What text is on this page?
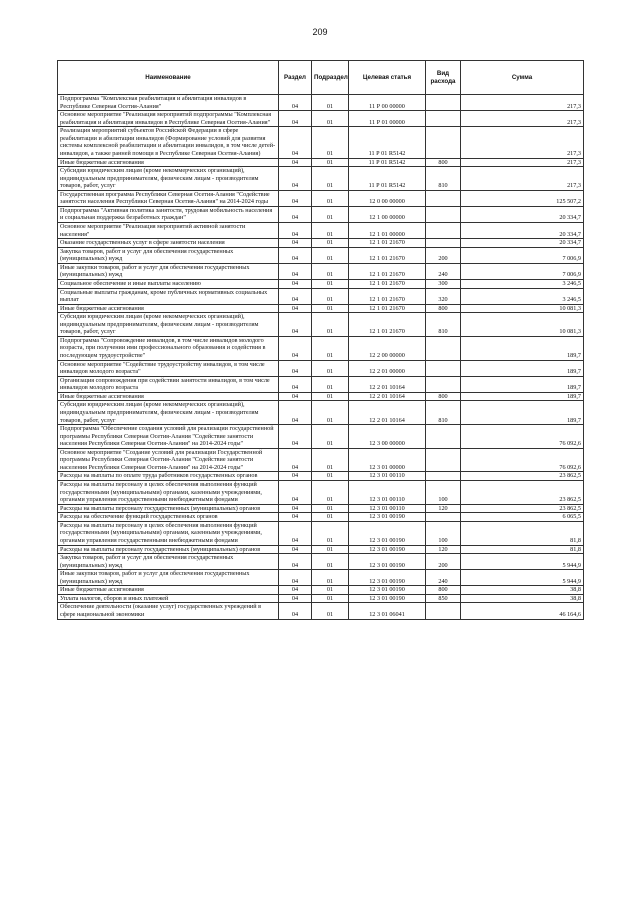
209
Наименование	Раздел	Подраздел	Целевая статья	Вид расхода	Сумма
Подпрограмма "Комплексная реабилитация и абилитация инвалидов в Республике Северная Осетия-Алания"	04	01	11 Р 00 00000		217,3
Основное мероприятие "Реализация мероприятий подпрограммы "Комплексная реабилитация и абилитация инвалидов в Республике Северная Осетия-Алания"	04	01	11 Р 01 00000		217,3
Реализация мероприятий субъектов Российской Федерации в сфере реабилитации и абилитации инвалидов (Формирование условий для развития системы комплексной реабилитации и абилитации инвалидов, в том числе детей-инвалидов, а также ранней помощи в Республике Северная Осетия-Алания)	04	01	11 Р 01 R5142		217,3
Иные бюджетные ассигнования	04	01	11 Р 01 R5142	800	217,3
Субсидии юридическим лицам (кроме некоммерческих организаций), индивидуальным предпринимателям, физическим лицам - производителям товаров, работ, услуг	04	01	11 Р 01 R5142	810	217,3
Государственная программа Республики Северная Осетия-Алания "Содействие занятости населения Республики Северная Осетия-Алания" на 2014-2024 годы	04	01	12 0 00 00000		125 507,2
Подпрограмма "Активная политика занятости, трудовая мобильность населения и социальная поддержка безработных граждан"	04	01	12 1 00 00000		20 334,7
Основное мероприятие "Реализация мероприятий активной занятости населения"	04	01	12 1 01 00000		20 334,7
Оказание государственных услуг в сфере занятости населения	04	01	12 1 01 21670		20 334,7
Закупка товаров, работ и услуг для обеспечения государственных (муниципальных) нужд	04	01	12 1 01 21670	200	7 006,9
Иные закупки товаров, работ и услуг для обеспечения государственных (муниципальных) нужд	04	01	12 1 01 21670	240	7 006,9
Социальное обеспечение и иные выплаты населению	04	01	12 1 01 21670	300	3 246,5
Социальные выплаты гражданам, кроме публичных нормативных социальных выплат	04	01	12 1 01 21670	320	3 246,5
Иные бюджетные ассигнования	04	01	12 1 01 21670	800	10 081,3
Субсидии юридическим лицам (кроме некоммерческих организаций), индивидуальным предпринимателям, физическим лицам - производителям товаров, работ, услуг	04	01	12 1 01 21670	810	10 081,3
Подпрограмма "Сопровождение инвалидов, в том числе инвалидов молодого возраста, при получении ими профессионального образования и содействия в последующем трудоустройстве"	04	01	12 2 00 00000		189,7
Основное мероприятие "Содействие трудоустройству инвалидов, в том числе инвалидов молодого возраста"	04	01	12 2 01 00000		189,7
Организация сопровождения при содействии занятости инвалидов, в том числе инвалидов молодого возраста	04	01	12 2 01 10164		189,7
Иные бюджетные ассигнования	04	01	12 2 01 10164	800	189,7
Субсидии юридическим лицам (кроме некоммерческих организаций), индивидуальным предпринимателям, физическим лицам - производителям товаров, работ, услуг	04	01	12 2 01 10164	810	189,7
Подпрограмма "Обеспечение создания условий для реализации государственной программы Республики Северная Осетия-Алания "Содействие занятости населения Республики Северная Осетия-Алания" на 2014-2024 годы"	04	01	12 3 00 00000		76 092,6
Основное мероприятие "Создание условий для реализации Государственной программы Республики Северная Осетия-Алания "Содействие занятости населения Республики Северная Осетия-Алания" на 2014-2024 годы"	04	01	12 3 01 00000		76 092,6
Расходы на выплаты по оплате труда работников государственных органов	04	01	12 3 01 00110		23 862,5
Расходы на выплаты персоналу в целях обеспечения выполнения функций государственными (муниципальными) органами, казенными учреждениями, органами управления государственными внебюджетными фондами	04	01	12 3 01 00110	100	23 862,5
Расходы на выплаты персоналу государственных (муниципальных) органов	04	01	12 3 01 00110	120	23 862,5
Расходы на обеспечение функций государственных органов	04	01	12 3 01 00190		6 065,5
Расходы на выплаты персоналу в целях обеспечения выполнения функций государственными (муниципальными) органами, казенными учреждениями, органами управления государственными внебюджетными фондами	04	01	12 3 01 00190	100	81,8
Расходы на выплаты персоналу государственных (муниципальных) органов	04	01	12 3 01 00190	120	81,8
Закупка товаров, работ и услуг для обеспечения государственных (муниципальных) нужд	04	01	12 3 01 00190	200	5 944,9
Иные закупки товаров, работ и услуг для обеспечения государственных (муниципальных) нужд	04	01	12 3 01 00190	240	5 944,9
Иные бюджетные ассигнования	04	01	12 3 01 00190	800	38,8
Уплата налогов, сборов и иных платежей	04	01	12 3 01 00190	850	38,8
Обеспечение деятельности (оказание услуг) государственных учреждений в сфере национальной экономики	04	01	12 3 01 06041		46 164,6
